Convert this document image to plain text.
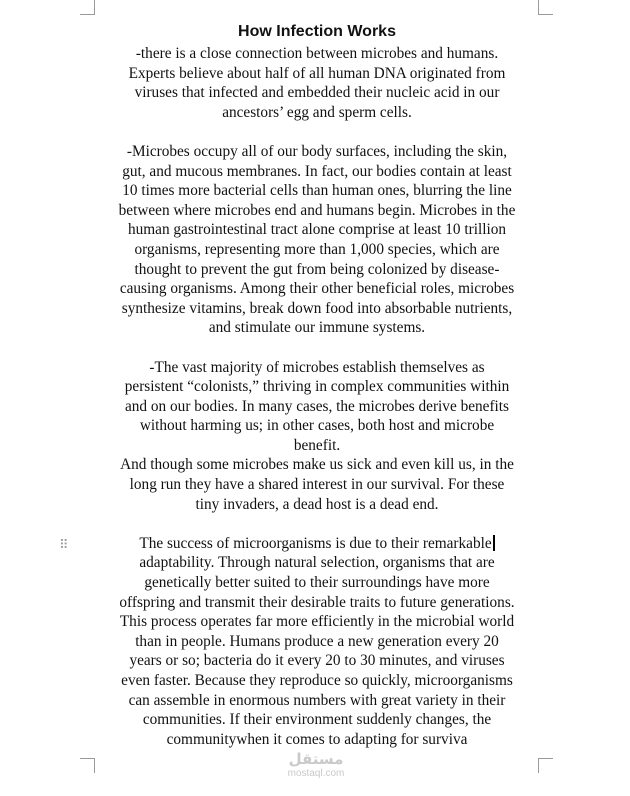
⠿
How Infection Works

-there is a close connection between microbes and humans.
Experts believe about half of all human DNA originated from
viruses that infected and embedded their nucleic acid in our
ancestors’ egg and sperm cells.

-Microbes occupy all of our body surfaces, including the skin,
gut, and mucous membranes. In fact, our bodies contain at least
10 times more bacterial cells than human ones, blurring the line
between where microbes end and humans begin. Microbes in the
human gastrointestinal tract alone comprise at least 10 trillion
organisms, representing more than 1,000 species, which are
thought to prevent the gut from being colonized by disease-
causing organisms. Among their other beneficial roles, microbes
synthesize vitamins, break down food into absorbable nutrients,
and stimulate our immune systems.

-The vast majority of microbes establish themselves as
persistent “colonists,” thriving in complex communities within
and on our bodies. In many cases, the microbes derive benefits
without harming us; in other cases, both host and microbe
benefit.

And though some microbes make us sick and even kill us, in the
long run they have a shared interest in our survival. For these
tiny invaders, a dead host is a dead end.

The success of microorganisms is due to their remarkable

adaptability. Through natural selection, organisms that are
genetically better suited to their surroundings have more
offspring and transmit their desirable traits to future generations.
This process operates far more efficiently in the microbial world
than in people. Humans produce a new generation every 20
years or so; bacteria do it every 20 to 30 minutes, and viruses
even faster. Because they reproduce so quickly, microorganisms
can assemble in enormous numbers with great variety in their
communities. If their environment suddenly changes, the
communitywhen it comes to adapting for surviva

مستقل
mostaql.com
